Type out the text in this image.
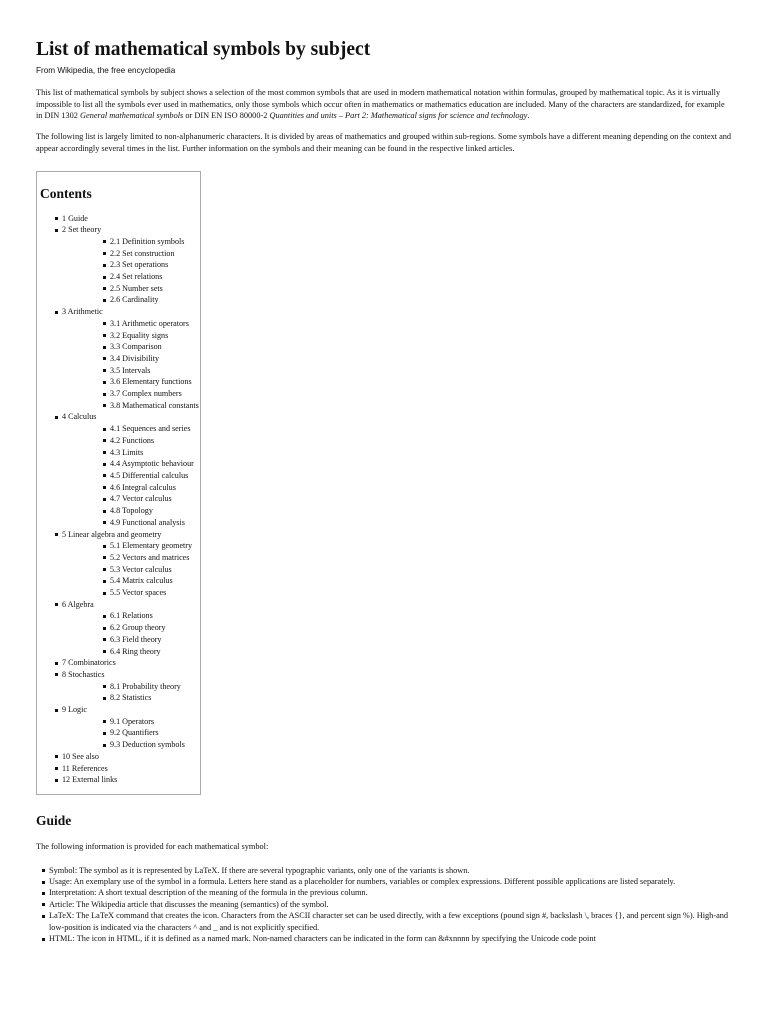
List of mathematical symbols by subject
From Wikipedia, the free encyclopedia

This list of mathematical symbols by subject shows a selection of the most common symbols that are used in modern mathematical notation within formulas, grouped by mathematical topic. As it is virtually impossible to list all the symbols ever used in mathematics, only those symbols which occur often in mathematics or mathematics education are included. Many of the characters are standardized, for example in DIN 1302 General mathematical symbols or DIN EN ISO 80000-2 Quantities and units – Part 2: Mathematical signs for science and technology.

The following list is largely limited to non-alphanumeric characters. It is divided by areas of mathematics and grouped within sub-regions. Some symbols have a different meaning depending on the context and appear accordingly several times in the list. Further information on the symbols and their meaning can be found in the respective linked articles.

Contents
1 Guide
2 Set theory
2.1 Definition symbols
2.2 Set construction
2.3 Set operations
2.4 Set relations
2.5 Number sets
2.6 Cardinality
3 Arithmetic
3.1 Arithmetic operators
3.2 Equality signs
3.3 Comparison
3.4 Divisibility
3.5 Intervals
3.6 Elementary functions
3.7 Complex numbers
3.8 Mathematical constants
4 Calculus
4.1 Sequences and series
4.2 Functions
4.3 Limits
4.4 Asymptotic behaviour
4.5 Differential calculus
4.6 Integral calculus
4.7 Vector calculus
4.8 Topology
4.9 Functional analysis
5 Linear algebra and geometry
5.1 Elementary geometry
5.2 Vectors and matrices
5.3 Vector calculus
5.4 Matrix calculus
5.5 Vector spaces
6 Algebra
6.1 Relations
6.2 Group theory
6.3 Field theory
6.4 Ring theory
7 Combinatorics
8 Stochastics
8.1 Probability theory
8.2 Statistics
9 Logic
9.1 Operators
9.2 Quantifiers
9.3 Deduction symbols
10 See also
11 References
12 External links
Guide

The following information is provided for each mathematical symbol:

Symbol: The symbol as it is represented by LaTeX. If there are several typographic variants, only one of the variants is shown.
Usage: An exemplary use of the symbol in a formula. Letters here stand as a placeholder for numbers, variables or complex expressions. Different possible applications are listed separately.
Interpretation: A short textual description of the meaning of the formula in the previous column.
Article: The Wikipedia article that discusses the meaning (semantics) of the symbol.
LaTeX: The LaTeX command that creates the icon. Characters from the ASCII character set can be used directly, with a few exceptions (pound sign #, backslash \, braces {}, and percent sign %). High-and low-position is indicated via the characters ^ and _ and is not explicitly specified.
HTML: The icon in HTML, if it is defined as a named mark. Non-named characters can be indicated in the form can &#xnnnn by specifying the Unicode code point
